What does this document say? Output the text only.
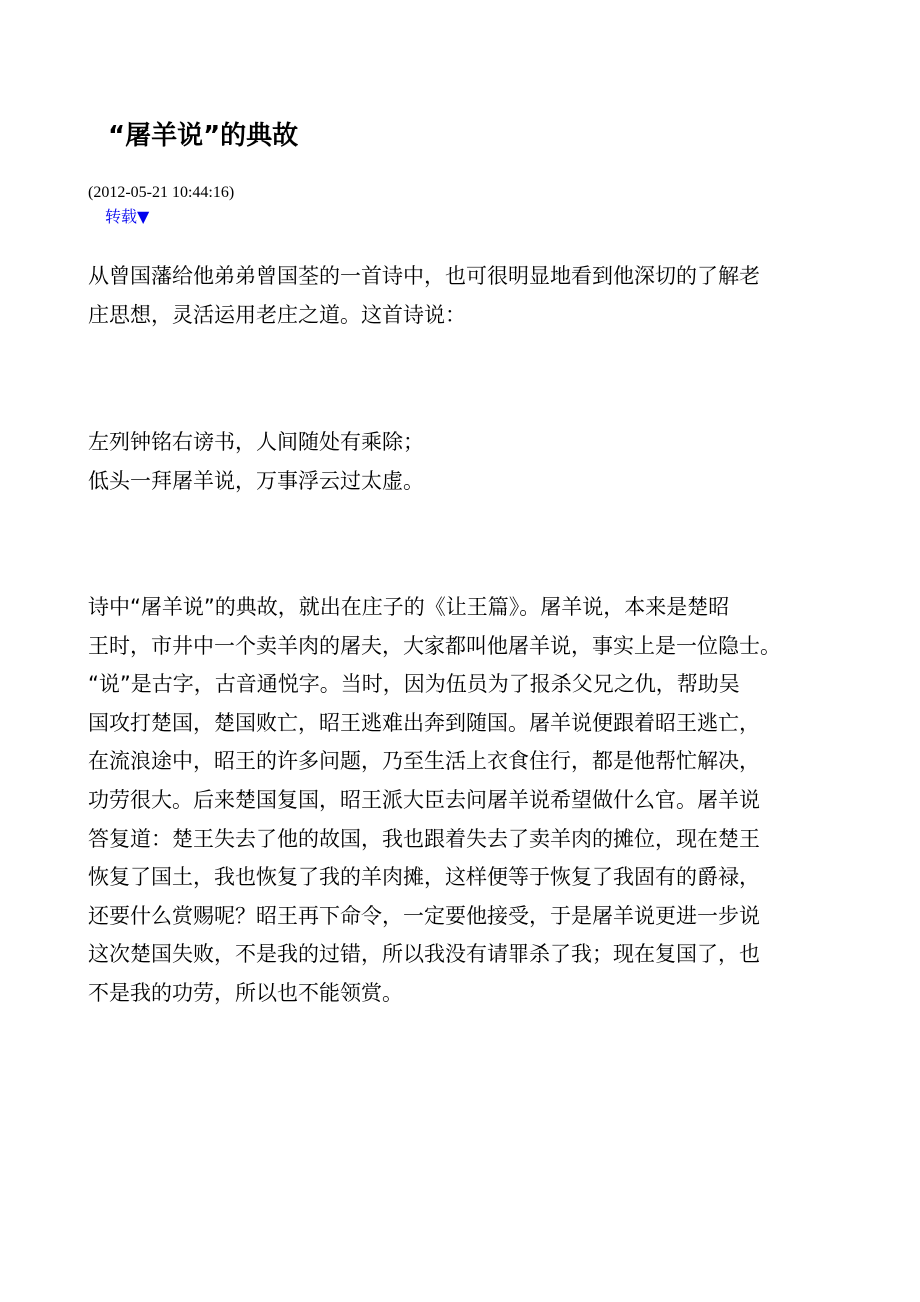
“屠羊说”的典故
(2012-05-21 10:44:16)
转载▼
从曾国藩给他弟弟曾国荃的一首诗中，也可很明显地看到他深切的了解老
庄思想，灵活运用老庄之道。这首诗说：
左列钟铭右谤书，人间随处有乘除；
低头一拜屠羊说，万事浮云过太虚。
诗中“屠羊说”的典故，就出在庄子的《让王篇》。屠羊说，本来是楚昭
王时，市井中一个卖羊肉的屠夫，大家都叫他屠羊说，事实上是一位隐士。
“说”是古字，古音通悦字。当时，因为伍员为了报杀父兄之仇，帮助吴
国攻打楚国，楚国败亡，昭王逃难出奔到随国。屠羊说便跟着昭王逃亡，
在流浪途中，昭王的许多问题，乃至生活上衣食住行，都是他帮忙解决，
功劳很大。后来楚国复国，昭王派大臣去问屠羊说希望做什么官。屠羊说
答复道：楚王失去了他的故国，我也跟着失去了卖羊肉的摊位，现在楚王
恢复了国土，我也恢复了我的羊肉摊，这样便等于恢复了我固有的爵禄，
还要什么赏赐呢？昭王再下命令，一定要他接受，于是屠羊说更进一步说
这次楚国失败，不是我的过错，所以我没有请罪杀了我；现在复国了，也
不是我的功劳，所以也不能领赏。
